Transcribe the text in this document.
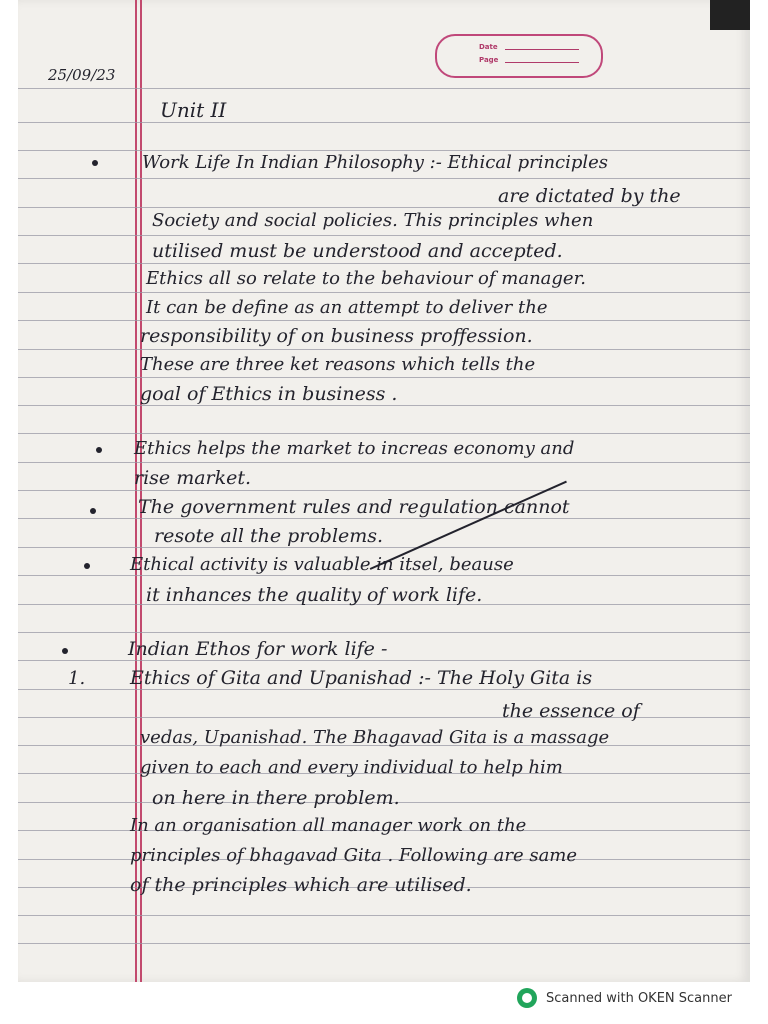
Date
Page
25/09/23
Unit II
Work Life In Indian Philosophy :- Ethical principles
are dictated by the
Society and social policies. This principles when
utilised must be understood and accepted.
Ethics all so relate to the behaviour of manager.
It can be define as an attempt to deliver the
responsibility of on business proffession.
These are three ket reasons which tells the
goal of Ethics in business .
Ethics helps the market to increas economy and
rise market.
The government rules and regulation cannot
resote all the problems.
Ethical activity is valuable in itsel, beause
it inhances the quality of work life.
Indian Ethos for work life -
1. Ethics of Gita and Upanishad :- The Holy Gita is
the essence of
vedas, Upanishad. The Bhagavad Gita is a massage
given to each and every individual to help him
on here in there problem.
In an organisation all manager work on the
principles of bhagavad Gita . Following are same
of the principles which are utilised.
Scanned with OKEN Scanner
